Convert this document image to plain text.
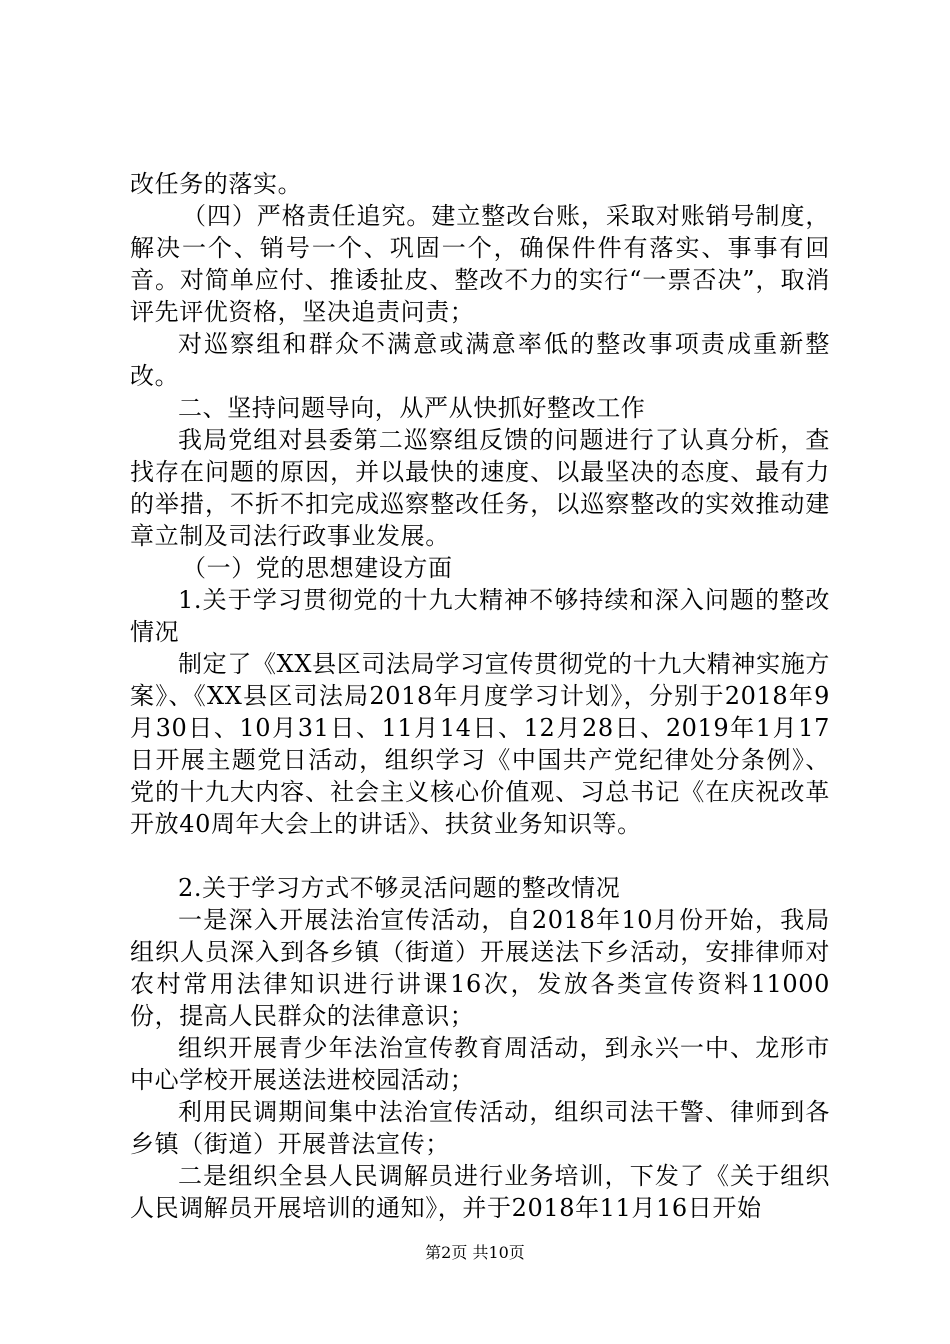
改任务的落实。

（四）严格责任追究。建立整改台账，采取对账销号制度，解决一个、销号一个、巩固一个，确保件件有落实、事事有回音。对简单应付、推诿扯皮、整改不力的实行“一票否决”，取消评先评优资格，坚决追责问责；

对巡察组和群众不满意或满意率低的整改事项责成重新整改。

二、坚持问题导向，从严从快抓好整改工作

我局党组对县委第二巡察组反馈的问题进行了认真分析，查找存在问题的原因，并以最快的速度、以最坚决的态度、最有力的举措，不折不扣完成巡察整改任务，以巡察整改的实效推动建章立制及司法行政事业发展。

（一）党的思想建设方面

1.关于学习贯彻党的十九大精神不够持续和深入问题的整改情况

制定了《XX县区司法局学习宣传贯彻党的十九大精神实施方案》、《XX县区司法局2018年月度学习计划》，分别于2018年9月30日、10月31日、11月14日、12月28日、2019年1月17日开展主题党日活动，组织学习《中国共产党纪律处分条例》、党的十九大内容、社会主义核心价值观、习总书记《在庆祝改革开放40周年大会上的讲话》、扶贫业务知识等。

2.关于学习方式不够灵活问题的整改情况

一是深入开展法治宣传活动，自2018年10月份开始，我局组织人员深入到各乡镇（街道）开展送法下乡活动，安排律师对农村常用法律知识进行讲课16次，发放各类宣传资料11000份，提高人民群众的法律意识；

组织开展青少年法治宣传教育周活动，到永兴一中、龙形市中心学校开展送法进校园活动；

利用民调期间集中法治宣传活动，组织司法干警、律师到各乡镇（街道）开展普法宣传；

二是组织全县人民调解员进行业务培训，下发了《关于组织人民调解员开展培训的通知》，并于2018年11月16日开始

第2页 共10页
